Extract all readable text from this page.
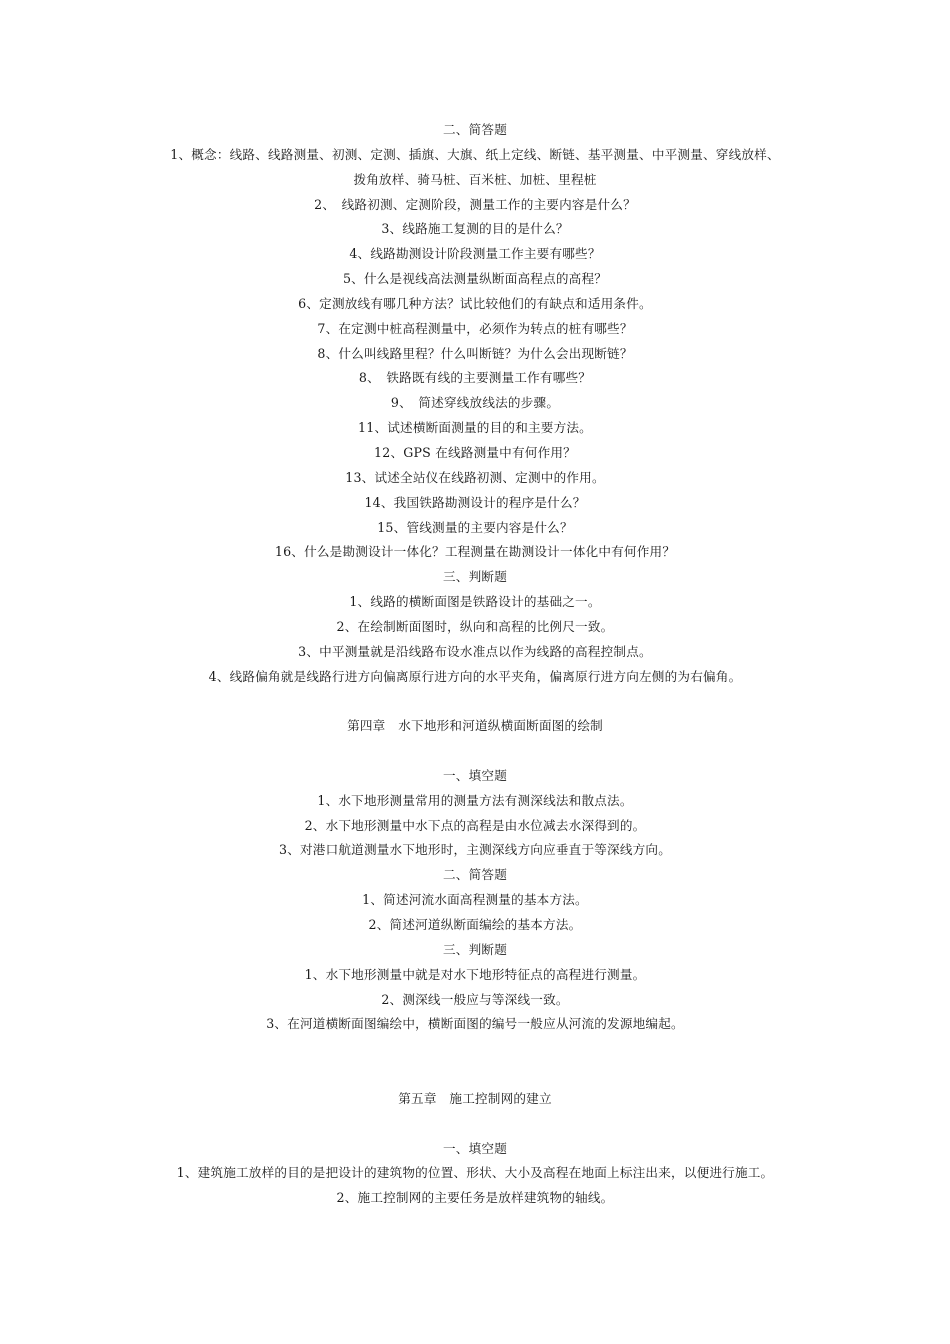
二、简答题
1、概念：线路、线路测量、初测、定测、插旗、大旗、纸上定线、断链、基平测量、中平测量、穿线放样、
拨角放样、骑马桩、百米桩、加桩、里程桩
2、　线路初测、定测阶段，测量工作的主要内容是什么？
3、线路施工复测的目的是什么？
4、线路勘测设计阶段测量工作主要有哪些？
5、什么是视线高法测量纵断面高程点的高程？
6、定测放线有哪几种方法？试比较他们的有缺点和适用条件。
7、在定测中桩高程测量中，必须作为转点的桩有哪些？
8、什么叫线路里程？什么叫断链？为什么会出现断链？
8、　铁路既有线的主要测量工作有哪些？
9、　简述穿线放线法的步骤。
11、试述横断面测量的目的和主要方法。
12、GPS 在线路测量中有何作用？
13、试述全站仪在线路初测、定测中的作用。
14、我国铁路勘测设计的程序是什么？
15、管线测量的主要内容是什么？
16、什么是勘测设计一体化？工程测量在勘测设计一体化中有何作用？
三、判断题
1、线路的横断面图是铁路设计的基础之一。
2、在绘制断面图时，纵向和高程的比例尺一致。
3、中平测量就是沿线路布设水准点以作为线路的高程控制点。
4、线路偏角就是线路行进方向偏离原行进方向的水平夹角，偏离原行进方向左侧的为右偏角。
第四章　水下地形和河道纵横面断面图的绘制
一、填空题
1、水下地形测量常用的测量方法有测深线法和散点法。
2、水下地形测量中水下点的高程是由水位减去水深得到的。
3、对港口航道测量水下地形时，主测深线方向应垂直于等深线方向。
二、简答题
1、简述河流水面高程测量的基本方法。
2、简述河道纵断面编绘的基本方法。
三、判断题
1、水下地形测量中就是对水下地形特征点的高程进行测量。
2、测深线一般应与等深线一致。
3、在河道横断面图编绘中，横断面图的编号一般应从河流的发源地编起。
第五章　施工控制网的建立
一、填空题
1、建筑施工放样的目的是把设计的建筑物的位置、形状、大小及高程在地面上标注出来，以便进行施工。
2、施工控制网的主要任务是放样建筑物的轴线。
